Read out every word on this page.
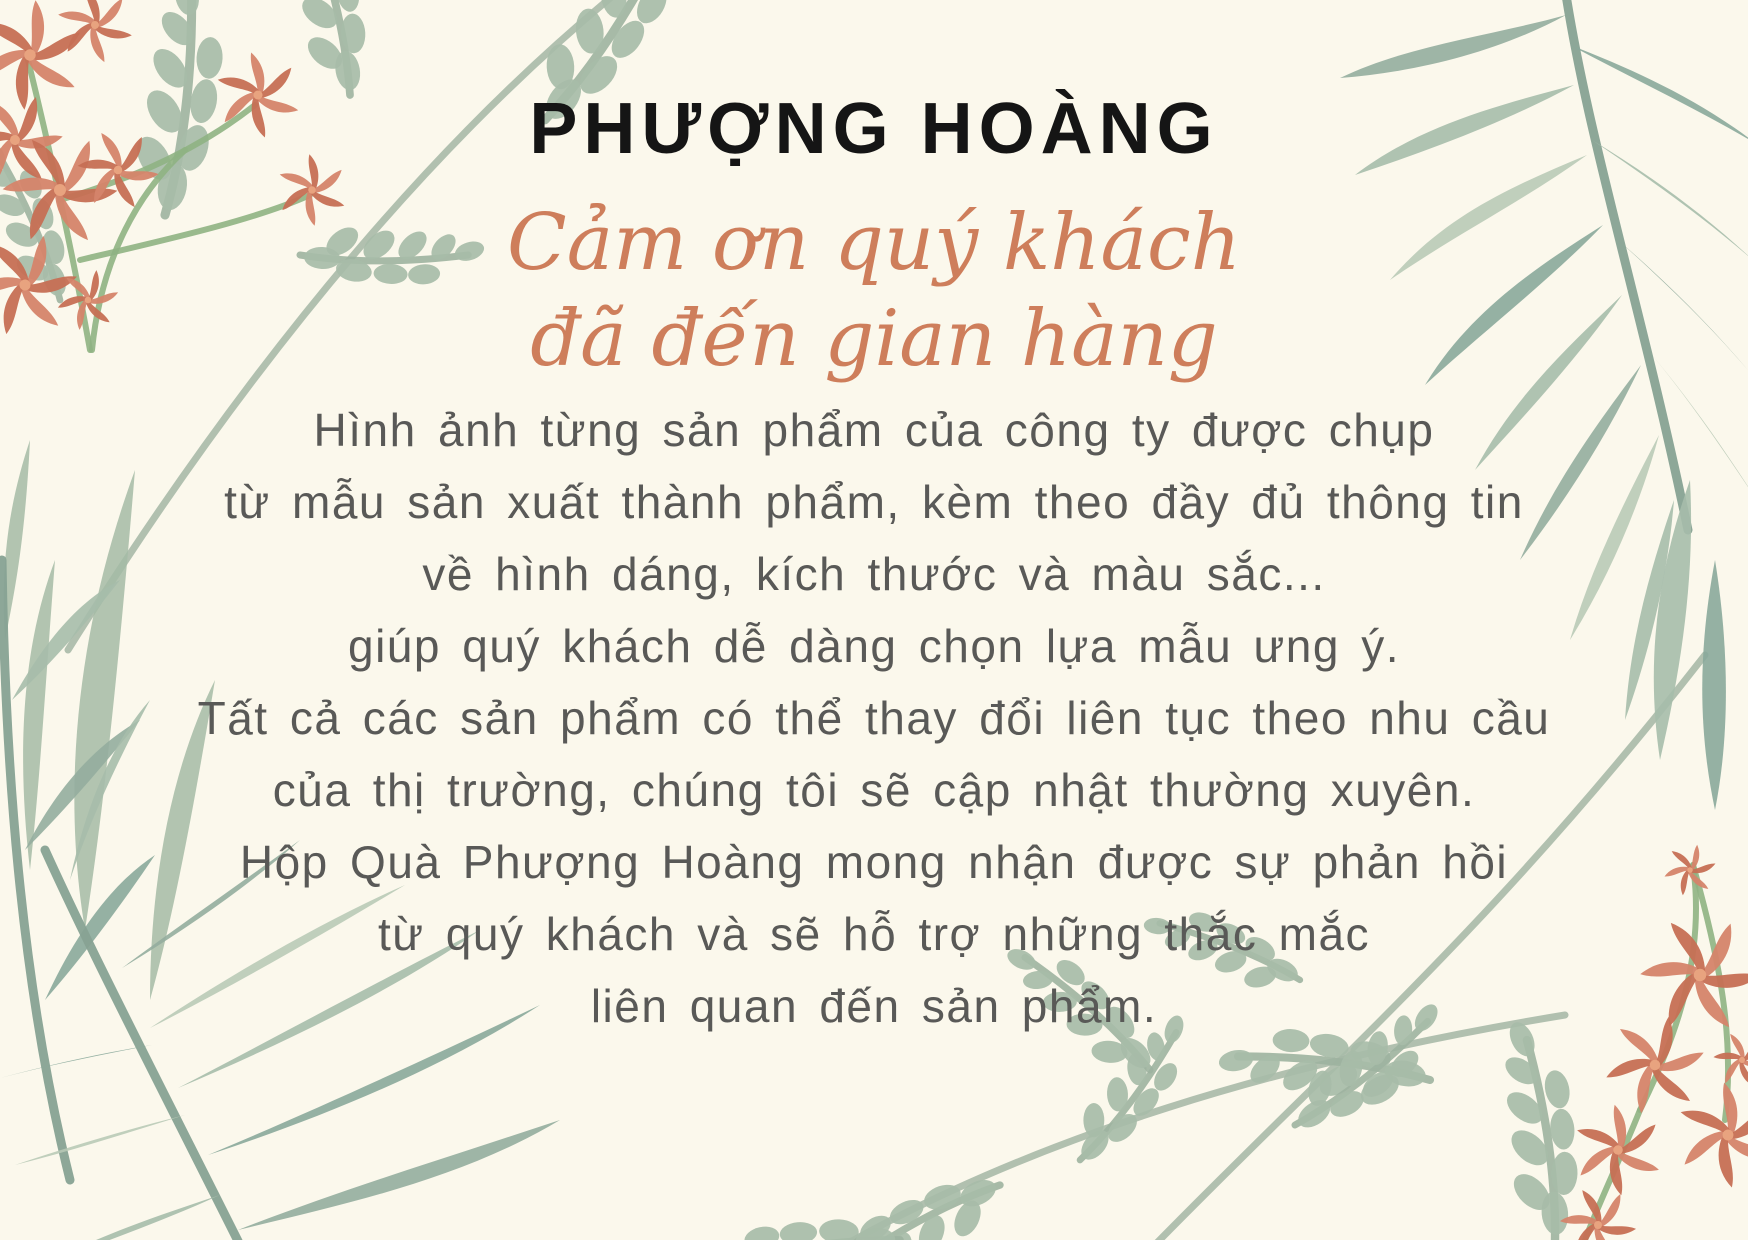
PHƯỢNG HOÀNG
Cảm ơn quý khách
đã đến gian hàng

Hình ảnh từng sản phẩm của công ty được chụp

từ mẫu sản xuất thành phẩm, kèm theo đầy đủ thông tin

về hình dáng, kích thước và màu sắc...

giúp quý khách dễ dàng chọn lựa mẫu ưng ý.

Tất cả các sản phẩm có thể thay đổi liên tục theo nhu cầu

của thị trường, chúng tôi sẽ cập nhật thường xuyên.

Hộp Quà Phượng Hoàng mong nhận được sự phản hồi

từ quý khách và sẽ hỗ trợ những thắc mắc

liên quan đến sản phẩm.
